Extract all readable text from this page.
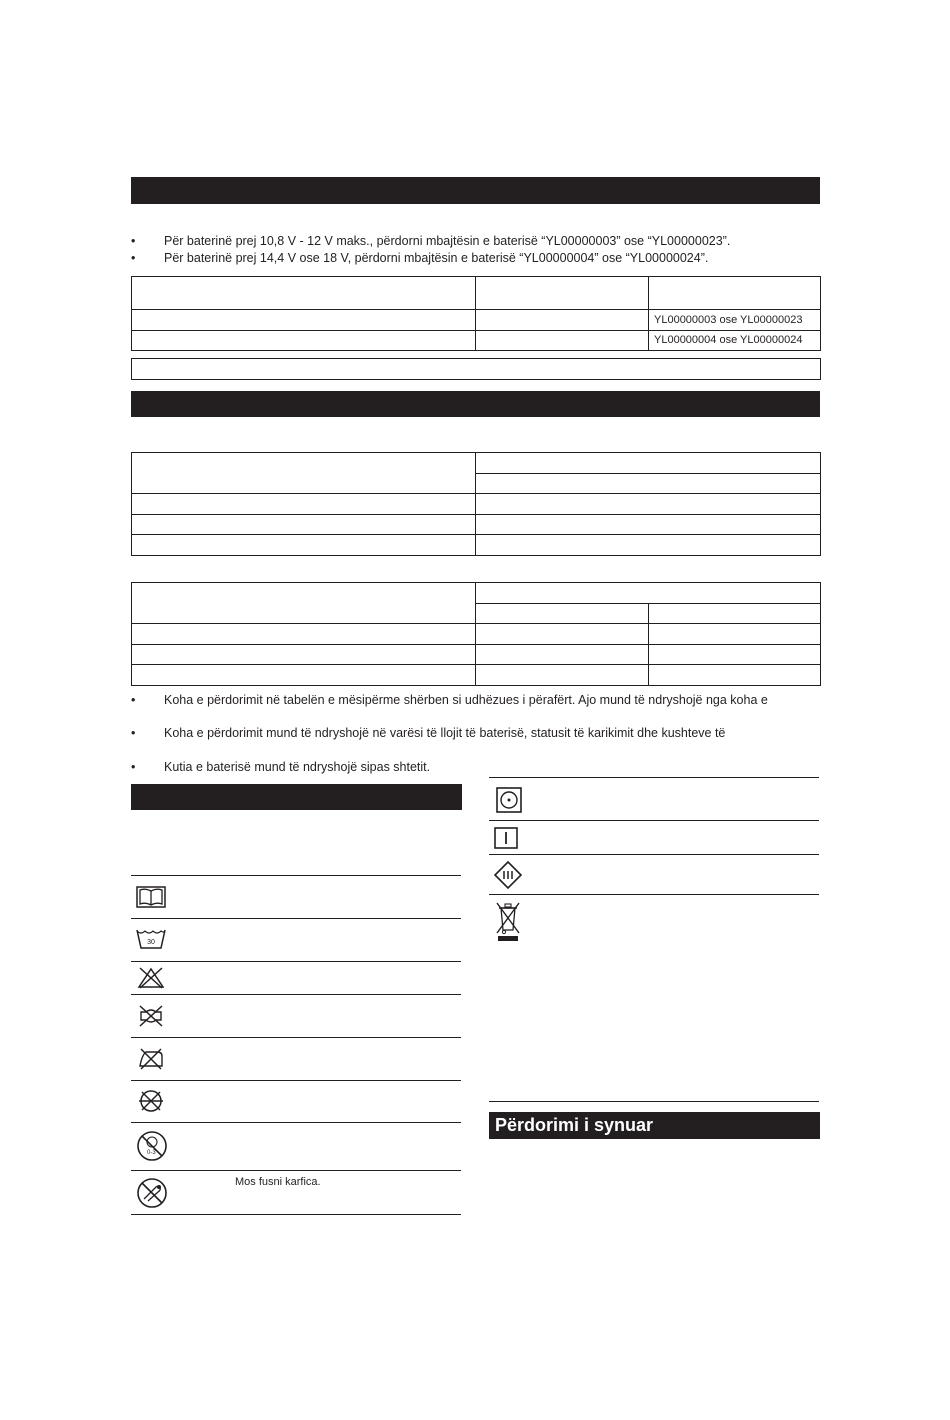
• Për baterinë prej 10,8 V - 12 V maks., përdorni mbajtësin e baterisë “YL00000003” ose “YL00000023”.
• Për baterinë prej 14,4 V ose 18 V, përdorni mbajtësin e baterisë “YL00000004” ose “YL00000024”.
YL00000003 ose YL00000023
YL00000004 ose YL00000024
• Koha e përdorimit në tabelën e mësipërme shërben si udhëzues i përafërt. Ajo mund të ndryshojë nga koha e
• Koha e përdorimit mund të ndryshojë në varësi të llojit të baterisë, statusit të karikimit dhe kushteve të
• Kutia e baterisë mund të ndryshojë sipas shtetit.
30
0-3
Mos fusni karfica.
Përdorimi i synuar
